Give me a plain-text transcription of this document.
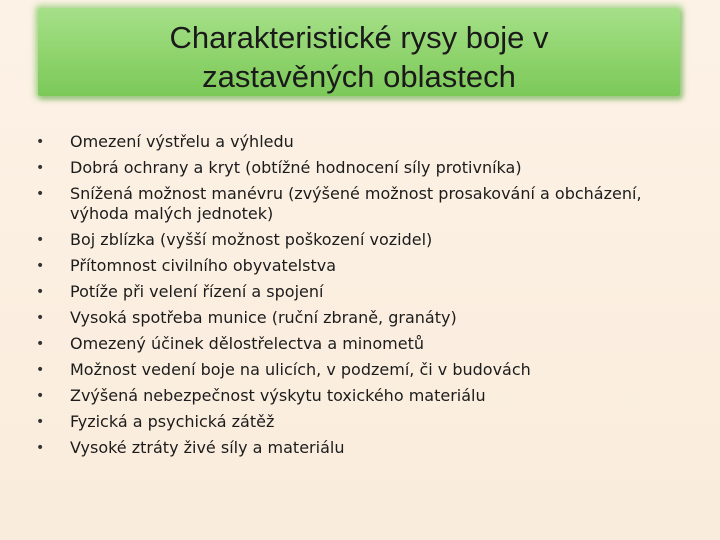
Charakteristické rysy boje v
zastavěných oblastech
•	Omezení výstřelu a výhledu
•	Dobrá ochrany a kryt (obtížné hodnocení síly protivníka)
•	Snížená možnost manévru (zvýšené možnost prosakování a obcházení, výhoda malých jednotek)
•	Boj zblízka (vyšší možnost poškození vozidel)
•	Přítomnost civilního obyvatelstva
•	Potíže při velení řízení a spojení
•	Vysoká spotřeba munice (ruční zbraně, granáty)
•	Omezený účinek dělostřelectva a minometů
•	Možnost vedení boje na ulicích, v podzemí, či v budovách
•	Zvýšená nebezpečnost výskytu toxického materiálu
•	Fyzická a psychická zátěž
•	Vysoké ztráty živé síly a materiálu
